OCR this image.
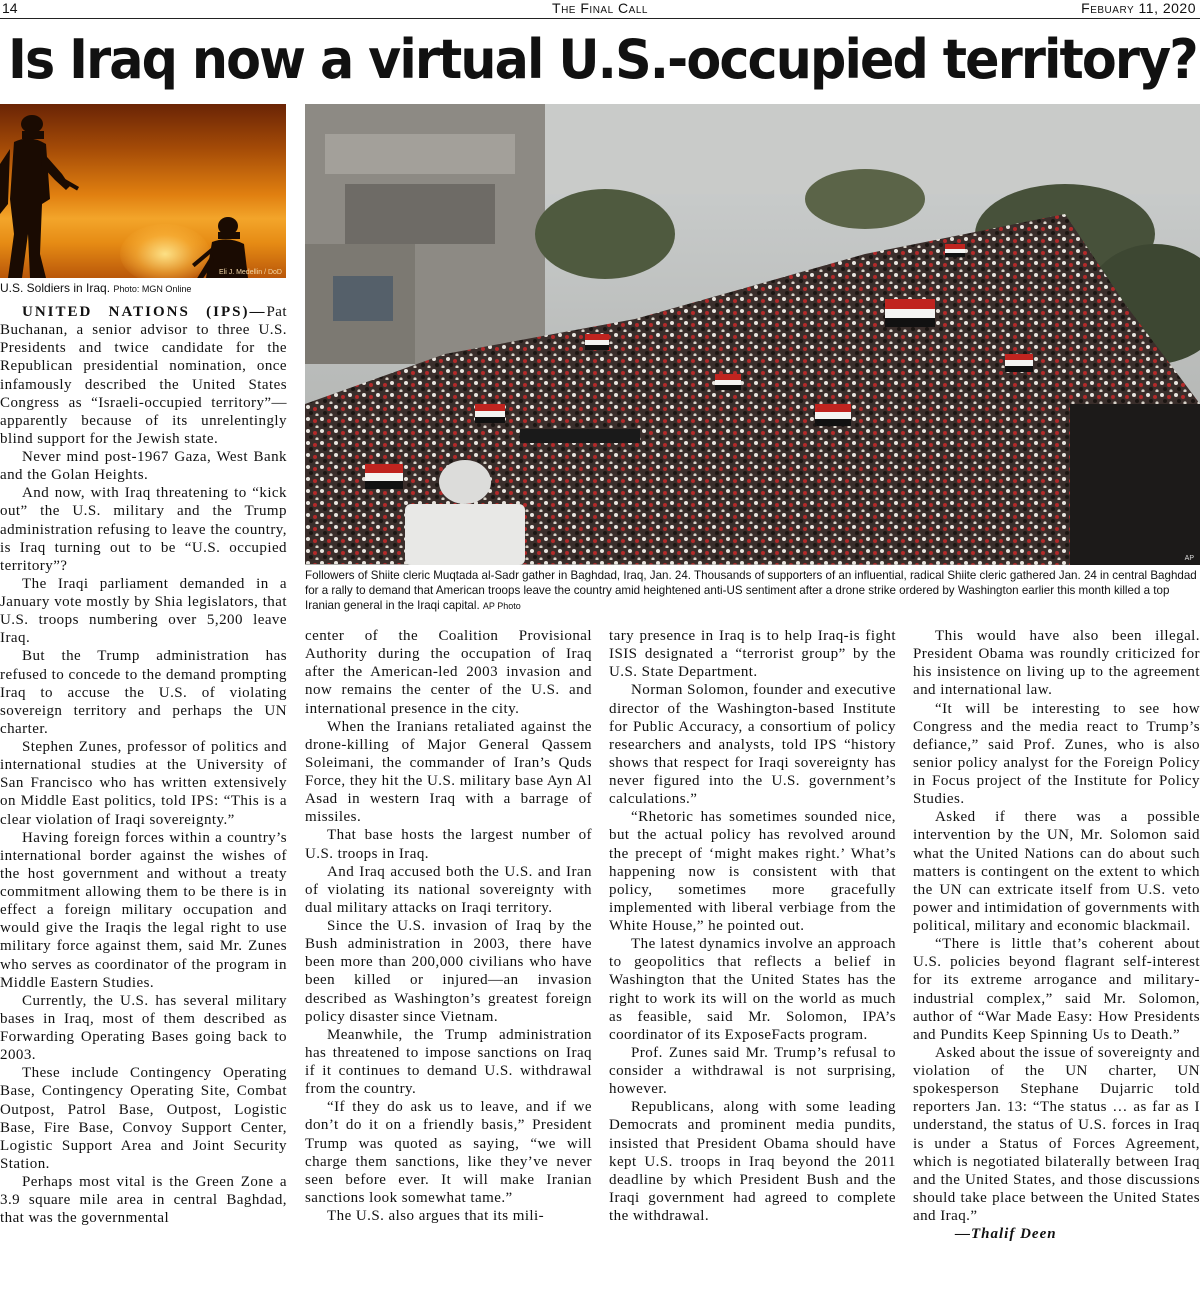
14	The Final Call	Febuary 11, 2020
Is Iraq now a virtual U.S.-occupied territory?
Eli J. Medellin / DoD
U.S. Soldiers in Iraq. Photo: MGN Online
AP
Followers of Shiite cleric Muqtada al-Sadr gather in Baghdad, Iraq, Jan. 24. Thousands of supporters of an influential, radical Shiite cleric gathered Jan. 24 in central Baghdad for a rally to demand that American troops leave the country amid heightened anti-US sentiment after a drone strike ordered by Washington earlier this month killed a top Iranian general in the Iraqi capital. AP Photo

UNITED NATIONS (IPS)—Pat Buchanan, a senior advisor to three U.S. Presidents and twice candidate for the Republican presidential nomination, once infamously described the United States Congress as “Israeli-occupied territory”—apparently because of its unrelentingly blind support for the Jewish state.

Never mind post-1967 Gaza, West Bank and the Golan Heights.

And now, with Iraq threatening to “kick out” the U.S. military and the Trump administration refusing to leave the country, is Iraq turning out to be “U.S. occupied territory”?

The Iraqi parliament demanded in a January vote mostly by Shia legislators, that U.S. troops numbering over 5,200 leave Iraq.

But the Trump administration has refused to concede to the demand prompting Iraq to accuse the U.S. of violating sovereign territory and perhaps the UN charter.

Stephen Zunes, professor of politics and international studies at the University of San Francisco who has written extensively on Middle East politics, told IPS: “This is a clear violation of Iraqi sovereignty.”

Having foreign forces within a country’s international border against the wishes of the host government and without a treaty commitment allowing them to be there is in effect a foreign military occupation and would give the Iraqis the legal right to use military force against them, said Mr. Zunes who serves as coordinator of the program in Middle Eastern Studies.

Currently, the U.S. has several military bases in Iraq, most of them described as Forwarding Operating Bases going back to 2003.

These include Contingency Operating Base, Contingency Operating Site, Combat Outpost, Patrol Base, Outpost, Logistic Base, Fire Base, Convoy Support Center, Logistic Support Area and Joint Security Station.

Perhaps most vital is the Green Zone a 3.9 square mile area in central Baghdad, that was the governmental

center of the Coalition Provisional Authority during the occupation of Iraq after the American-led 2003 invasion and now remains the center of the U.S. and international presence in the city.

When the Iranians retaliated against the drone-killing of Major General Qassem Soleimani, the commander of Iran’s Quds Force, they hit the U.S. military base Ayn Al Asad in western Iraq with a barrage of missiles.

That base hosts the largest number of U.S. troops in Iraq.

And Iraq accused both the U.S. and Iran of violating its national sovereignty with dual military attacks on Iraqi territory.

Since the U.S. invasion of Iraq by the Bush administration in 2003, there have been more than 200,000 civilians who have been killed or injured—an invasion described as Washington’s greatest foreign policy disaster since Vietnam.

Meanwhile, the Trump administration has threatened to impose sanctions on Iraq if it continues to demand U.S. withdrawal from the country.

“If they do ask us to leave, and if we don’t do it on a friendly basis,” President Trump was quoted as saying, “we will charge them sanctions, like they’ve never seen before ever. It will make Iranian sanctions look somewhat tame.”

The U.S. also argues that its mili-

tary presence in Iraq is to help Iraq-is fight ISIS designated a “terrorist group” by the U.S. State Department.

Norman Solomon, founder and executive director of the Washington-based Institute for Public Accuracy, a consortium of policy researchers and analysts, told IPS “history shows that respect for Iraqi sovereignty has never figured into the U.S. government’s calculations.”

“Rhetoric has sometimes sounded nice, but the actual policy has revolved around the precept of ‘might makes right.’ What’s happening now is consistent with that policy, sometimes more gracefully implemented with liberal verbiage from the White House,” he pointed out.

The latest dynamics involve an approach to geopolitics that reflects a belief in Washington that the United States has the right to work its will on the world as much as feasible, said Mr. Solomon, IPA’s coordinator of its ExposeFacts program.

Prof. Zunes said Mr. Trump’s refusal to consider a withdrawal is not surprising, however.

Republicans, along with some leading Democrats and prominent media pundits, insisted that President Obama should have kept U.S. troops in Iraq beyond the 2011 deadline by which President Bush and the Iraqi government had agreed to complete the withdrawal.

This would have also been illegal. President Obama was roundly criticized for his insistence on living up to the agreement and international law.

“It will be interesting to see how Congress and the media react to Trump’s defiance,” said Prof. Zunes, who is also senior policy analyst for the Foreign Policy in Focus project of the Institute for Policy Studies.

Asked if there was a possible intervention by the UN, Mr. Solomon said what the United Nations can do about such matters is contingent on the extent to which the UN can extricate itself from U.S. veto power and intimidation of governments with political, military and economic blackmail.

“There is little that’s coherent about U.S. policies beyond flagrant self-interest for its extreme arrogance and military-industrial complex,” said Mr. Solomon, author of “War Made Easy: How Presidents and Pundits Keep Spinning Us to Death.”

Asked about the issue of sovereignty and violation of the UN charter, UN spokesperson Stephane Dujarric told reporters Jan. 13: “The status … as far as I understand, the status of U.S. forces in Iraq is under a Status of Forces Agreement, which is negotiated bilaterally between Iraq and the United States, and those discussions should take place between the United States and Iraq.”

—Thalif Deen
